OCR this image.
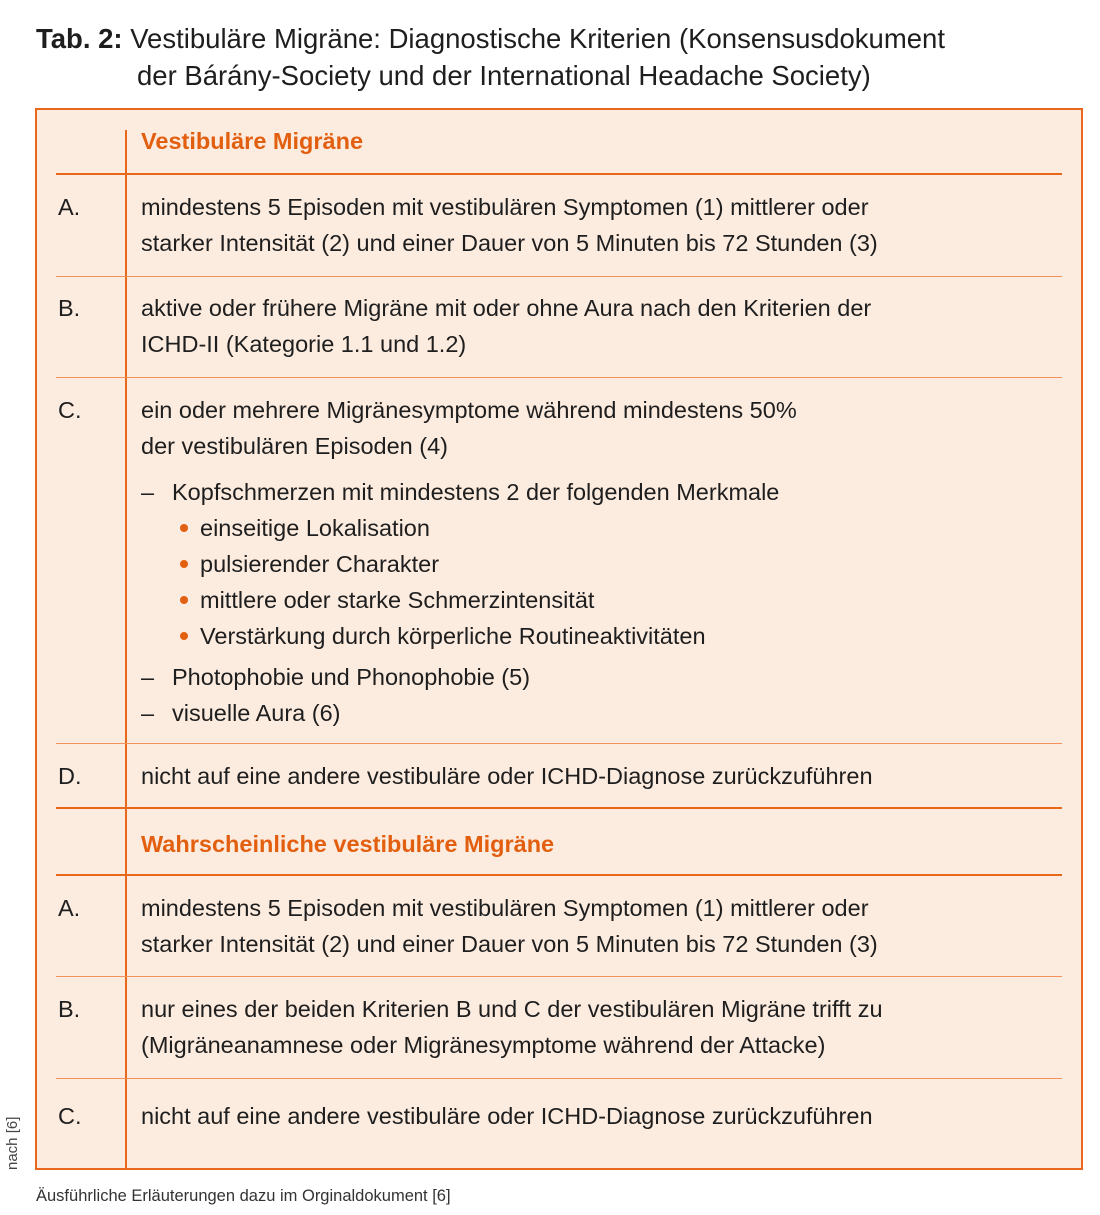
Tab. 2: Vestibuläre Migräne: Diagnostische Kriterien (Konsensusdokument
der Bárány-Society und der International Headache Society)
Vestibuläre Migräne
A.	mindestens 5 Episoden mit vestibulären Symptomen (1) mittlerer oder
starker Intensität (2) und einer Dauer von 5 Minuten bis 72 Stunden (3)
B.	aktive oder frühere Migräne mit oder ohne Aura nach den Kriterien der
ICHD-II (Kategorie 1.1 und 1.2)
C.	ein oder mehrere Migränesymptome während mindestens 50%
der vestibulären Episoden (4)
– Kopfschmerzen mit mindestens 2 der folgenden Merkmale
einseitige Lokalisation
pulsierender Charakter
mittlere oder starke Schmerzintensität
Verstärkung durch körperliche Routineaktivitäten
– Photophobie und Phonophobie (5)
– visuelle Aura (6)
D.	nicht auf eine andere vestibuläre oder ICHD-Diagnose zurückzuführen
Wahrscheinliche vestibuläre Migräne
A.	mindestens 5 Episoden mit vestibulären Symptomen (1) mittlerer oder
starker Intensität (2) und einer Dauer von 5 Minuten bis 72 Stunden (3)
B.	nur eines der beiden Kriterien B und C der vestibulären Migräne trifft zu
(Migräneanamnese oder Migränesymptome während der Attacke)
C.	nicht auf eine andere vestibuläre oder ICHD-Diagnose zurückzuführen
nach [6]
Äusführliche Erläuterungen dazu im Orginaldokument [6]
